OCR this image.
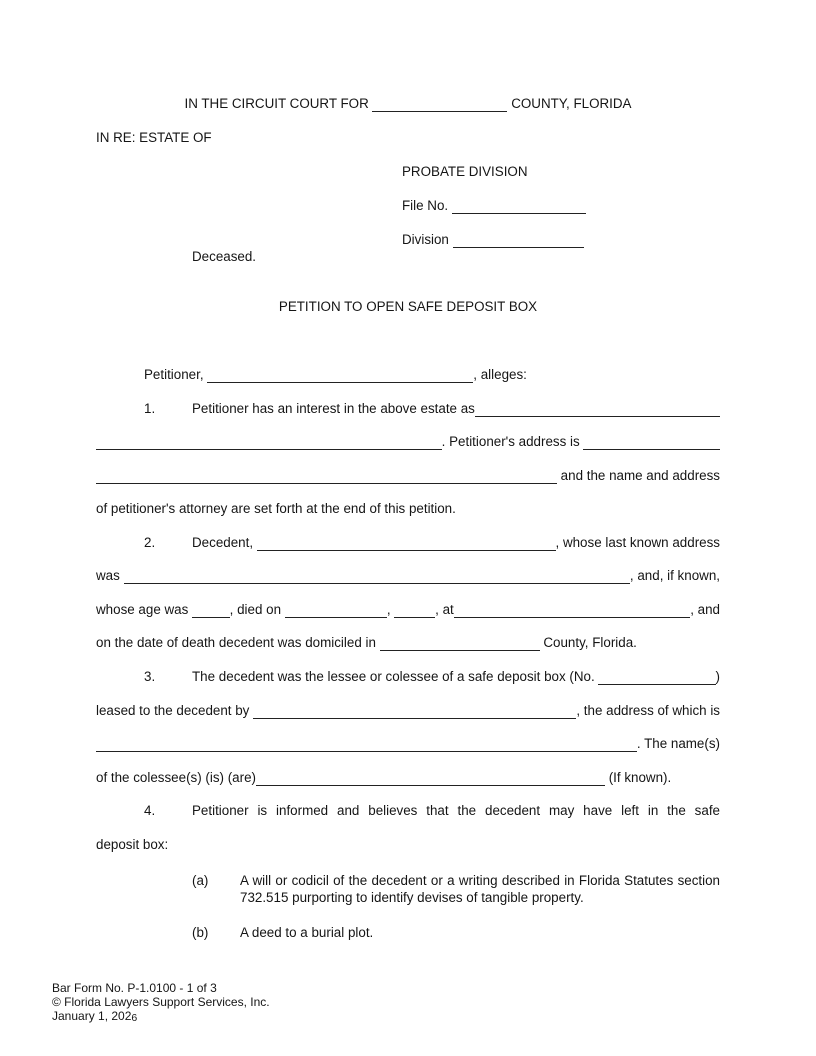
IN THE CIRCUIT COURT FOR	COUNTY, FLORIDA
IN RE: ESTATE OF
PROBATE DIVISION
File No.
Division
Deceased.
PETITION TO OPEN SAFE DEPOSIT BOX
Petitioner,	, alleges:
1.	Petitioner has an interest in the above estate as
. Petitioner's address is
and the name and address
of petitioner's attorney are set forth at the end of this petition.
2.	Decedent,	, whose last known address
was	, and, if known,
whose age was	, died on	,	, at	, and
on the date of death decedent was domiciled in	County, Florida.
3.	The decedent was the lessee or colessee of a safe deposit box (No.	)
leased to the decedent by	, the address of which is
. The name(s)
of the colessee(s) (is) (are)	(If known).
4.	Petitioner is informed and believes that the decedent may have left in the safe
deposit box:
(a) A will or codicil of the decedent or a writing described in Florida Statutes section 732.515 purporting to identify devises of tangible property.
(b) A deed to a burial plot.
Bar Form No. P-1.0100 - 1 of 3
© Florida Lawyers Support Services, Inc.
January 1, 2026
